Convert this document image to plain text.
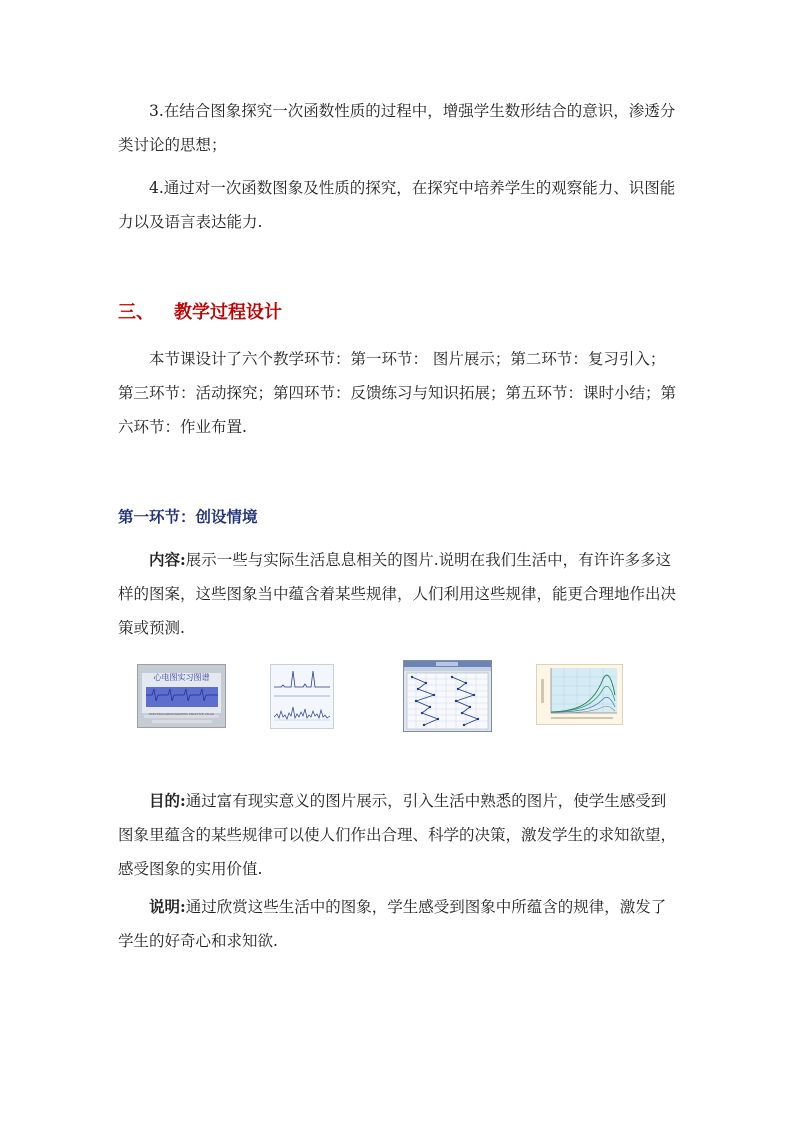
3.在结合图象探究一次函数性质的过程中，增强学生数形结合的意识，渗透分类讨论的思想；

4.通过对一次函数图象及性质的探究，在探究中培养学生的观察能力、识图能力以及语言表达能力.

三、 教学过程设计

本节课设计了六个教学环节：第一环节： 图片展示；第二环节：复习引入；第三环节：活动探究；第四环节：反馈练习与知识拓展；第五环节：课时小结；第六环节：作业布置.

第一环节：创设情境

内容:展示一些与实际生活息息相关的图片.说明在我们生活中，有许许多多这样的图案，这些图象当中蕴含着某些规律，人们利用这些规律，能更合理地作出决策或预测.

心电图实习图谱
ELECTROCARDIOGRAPHIC PRACTICE ATLAS

目的:通过富有现实意义的图片展示，引入生活中熟悉的图片，使学生感受到图象里蕴含的某些规律可以使人们作出合理、科学的决策，激发学生的求知欲望，感受图象的实用价值.

说明:通过欣赏这些生活中的图象，学生感受到图象中所蕴含的规律，激发了学生的好奇心和求知欲.
